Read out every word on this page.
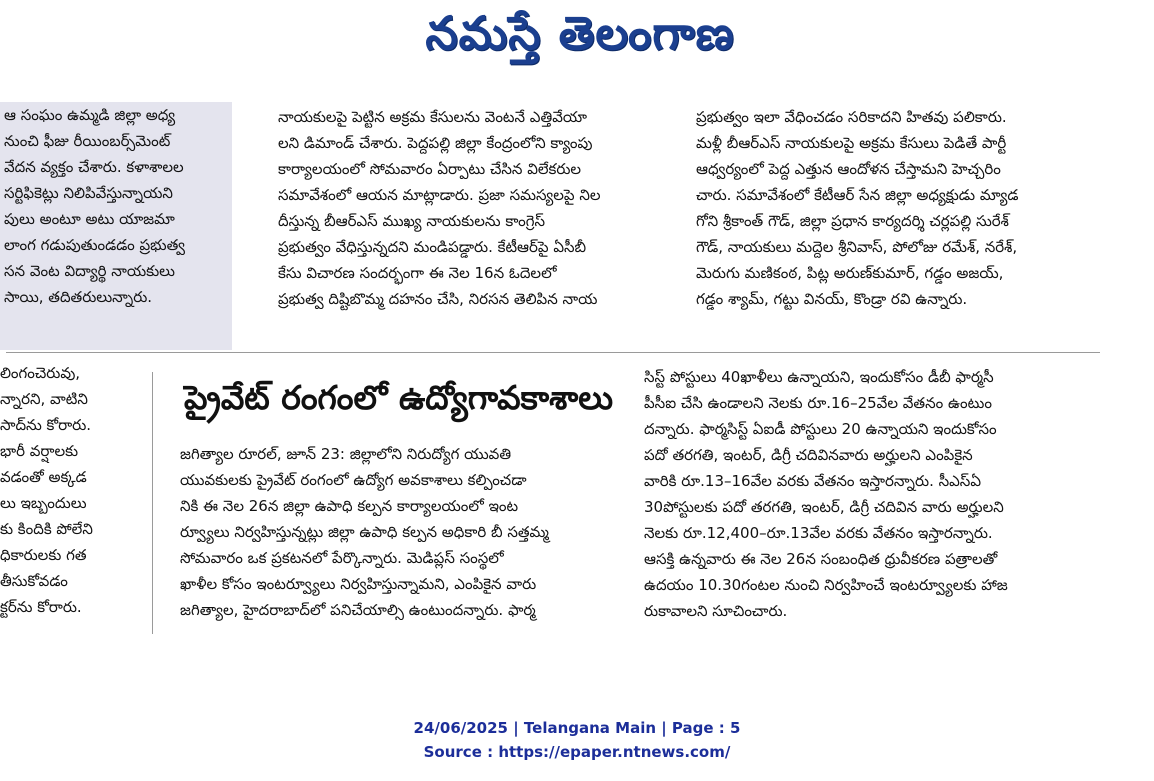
నమస్తే తెలంగాణ
ఆ సంఘం ఉమ్మడి జిల్లా అధ్య
నుంచి ఫీజు రీయింబర్స్‌మెంట్
వేదన వ్యక్తం చేశారు. కళాశాలల
సర్టిఫికెట్లు నిలిపివేస్తున్నాయని
పులు అంటూ అటు యాజమా
లాంగ గడుపుతుండడం ప్రభుత్వ
సన వెంట విద్యార్థి నాయకులు
సాయి, తదితరులున్నారు.
నాయకులపై పెట్టిన అక్రమ కేసులను వెంటనే ఎత్తివేయా
లని డిమాండ్ చేశారు. పెద్దపల్లి జిల్లా కేంద్రంలోని క్యాంపు
కార్యాలయంలో సోమవారం ఏర్పాటు చేసిన విలేకరుల
సమావేశంలో ఆయన మాట్లాడారు. ప్రజా సమస్యలపై నిల
దీస్తున్న బీఆర్ఎస్ ముఖ్య నాయకులను కాంగ్రెస్
ప్రభుత్వం వేధిస్తున్నదని మండిపడ్డారు. కేటీఆర్‌పై ఏసీబీ
కేసు విచారణ సందర్భంగా ఈ నెల 16న ఓదెలలో
ప్రభుత్వ దిష్టిబొమ్మ దహనం చేసి, నిరసన తెలిపిన నాయ
ప్రభుత్వం ఇలా వేధించడం సరికాదని హితవు పలికారు.
మళ్లీ బీఆర్ఎస్ నాయకులపై అక్రమ కేసులు పెడితే పార్టీ
ఆధ్వర్యంలో పెద్ద ఎత్తున ఆందోళన చేస్తామని హెచ్చరిం
చారు. సమావేశంలో కేటీఆర్ సేన జిల్లా అధ్యక్షుడు మ్యాడ
గోని శ్రీకాంత్ గౌడ్, జిల్లా ప్రధాన కార్యదర్శి చర్లపల్లి సురేశ్
గౌడ్, నాయకులు మద్దెల శ్రీనివాస్, పోలోజు రమేశ్, నరేశ్,
మెరుగు మణికంఠ, పిట్ల అరుణ్‌కుమార్, గడ్డం అజయ్,
గడ్డం శ్యామ్, గట్టు వినయ్, కొండ్రా రవి ఉన్నారు.
లింగంచెరువు,
న్నారని, వాటిని
సాద్‌ను కోరారు.
భారీ వర్షాలకు
వడంతో అక్కడ
లు ఇబ్బందులు
కు కిందికి పోలేని
ధికారులకు గత
తీసుకోవడం
క్టర్‌ను కోరారు.
ప్రైవేట్ రంగంలో ఉద్యోగావకాశాలు
జగిత్యాల రూరల్, జూన్ 23: జిల్లాలోని నిరుద్యోగ యువతి
యువకులకు ప్రైవేట్ రంగంలో ఉద్యోగ అవకాశాలు కల్పించడా
నికి ఈ నెల 26న జిల్లా ఉపాధి కల్పన కార్యాలయంలో ఇంట
ర్వ్యూలు నిర్వహిస్తున్నట్లు జిల్లా ఉపాధి కల్పన అధికారి బీ సత్తమ్మ
సోమవారం ఒక ప్రకటనలో పేర్కొన్నారు. మెడిప్లస్ సంస్థలో
ఖాళీల కోసం ఇంటర్వ్యూలు నిర్వహిస్తున్నామని, ఎంపికైన వారు
జగిత్యాల, హైదరాబాద్‌లో పనిచేయాల్సి ఉంటుందన్నారు. ఫార్మ
సిస్ట్ పోస్టులు 40ఖాళీలు ఉన్నాయని, ఇందుకోసం డీబీ ఫార్మసీ
పీసీఐ చేసి ఉండాలని నెలకు రూ.16–25వేల వేతనం ఉంటుం
దన్నారు. ఫార్మసిస్ట్ ఏఐడీ పోస్టులు 20 ఉన్నాయని ఇందుకోసం
పదో తరగతి, ఇంటర్, డిగ్రీ చదివినవారు అర్హులని ఎంపికైన
వారికి రూ.13–16వేల వరకు వేతనం ఇస్తారన్నారు. సీఎస్ఏ
30పోస్టులకు పదో తరగతి, ఇంటర్, డిగ్రీ చదివిన వారు అర్హులని
నెలకు రూ.12,400–రూ.13వేల వరకు వేతనం ఇస్తారన్నారు.
ఆసక్తి ఉన్నవారు ఈ నెల 26న సంబంధిత ధ్రువీకరణ పత్రాలతో
ఉదయం 10.30గంటల నుంచి నిర్వహించే ఇంటర్వ్యూలకు హాజ
రుకావాలని సూచించారు.
24/06/2025 | Telangana Main | Page : 5
Source : https://epaper.ntnews.com/
